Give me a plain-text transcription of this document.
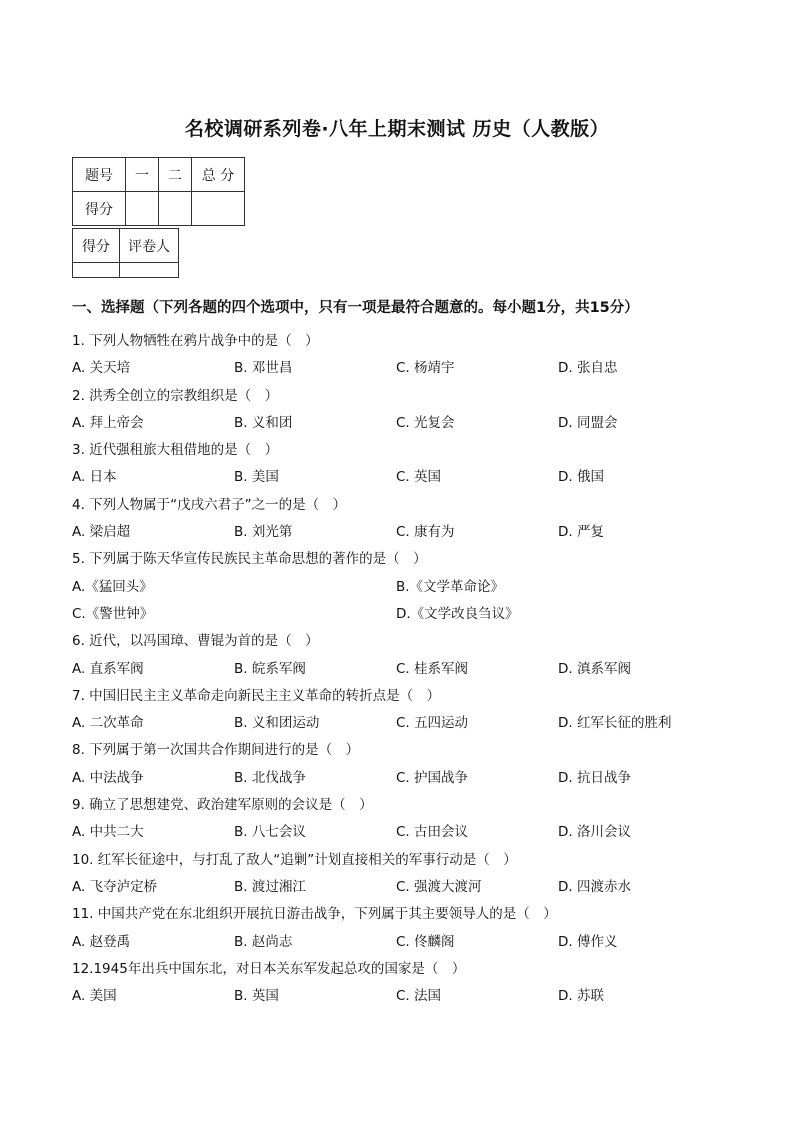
名校调研系列卷·八年上期末测试 历史（人教版）
题号	一	二	总 分
得分			
得分	评卷人

一、选择题（下列各题的四个选项中，只有一项是最符合题意的。每小题1分，共15分）
1. 下列人物牺牲在鸦片战争中的是（　）
A. 关天培	B. 邓世昌	C. 杨靖宇	D. 张自忠
2. 洪秀全创立的宗教组织是（　）
A. 拜上帝会	B. 义和团	C. 光复会	D. 同盟会
3. 近代强租旅大租借地的是（　）
A. 日本	B. 美国	C. 英国	D. 俄国
4. 下列人物属于“戊戌六君子”之一的是（　）
A. 梁启超	B. 刘光第	C. 康有为	D. 严复
5. 下列属于陈天华宣传民族民主革命思想的著作的是（　）
A.《猛回头》	B.《文学革命论》
C.《警世钟》	D.《文学改良刍议》
6. 近代，以冯国璋、曹锟为首的是（　）
A. 直系军阀	B. 皖系军阀	C. 桂系军阀	D. 滇系军阀
7. 中国旧民主主义革命走向新民主主义革命的转折点是（　）
A. 二次革命	B. 义和团运动	C. 五四运动	D. 红军长征的胜利
8. 下列属于第一次国共合作期间进行的是（　）
A. 中法战争	B. 北伐战争	C. 护国战争	D. 抗日战争
9. 确立了思想建党、政治建军原则的会议是（　）
A. 中共二大	B. 八七会议	C. 古田会议	D. 洛川会议
10. 红军长征途中，与打乱了敌人“追剿”计划直接相关的军事行动是（　）
A. 飞夺泸定桥	B. 渡过湘江	C. 强渡大渡河	D. 四渡赤水
11. 中国共产党在东北组织开展抗日游击战争，下列属于其主要领导人的是（　）
A. 赵登禹	B. 赵尚志	C. 佟麟阁	D. 傅作义
12.1945年出兵中国东北，对日本关东军发起总攻的国家是（　）
A. 美国	B. 英国	C. 法国	D. 苏联
